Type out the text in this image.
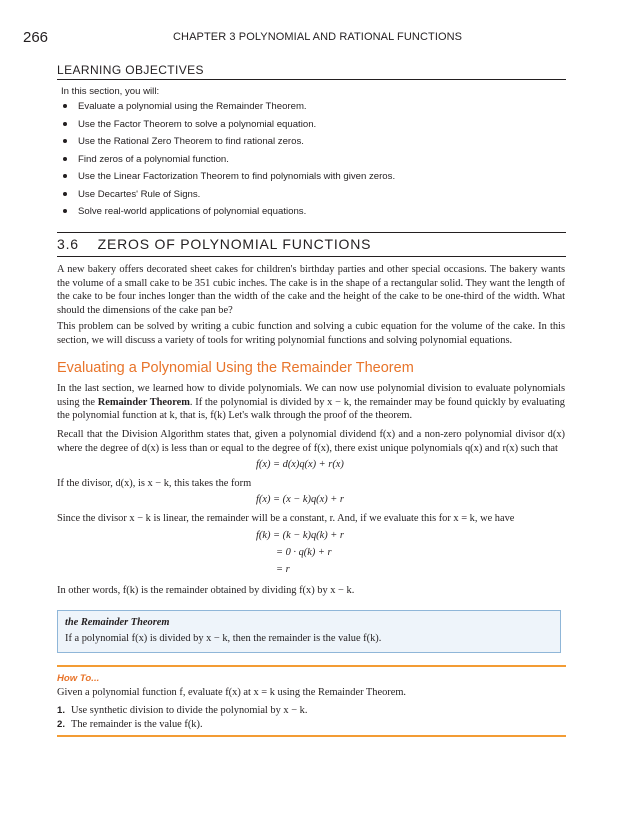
266	CHAPTER 3 POLYNOMIAL AND RATIONAL FUNCTIONS
LEARNING OBJECTIVES
In this section, you will:
Evaluate a polynomial using the Remainder Theorem.
Use the Factor Theorem to solve a polynomial equation.
Use the Rational Zero Theorem to find rational zeros.
Find zeros of a polynomial function.
Use the Linear Factorization Theorem to find polynomials with given zeros.
Use Decartes' Rule of Signs.
Solve real-world applications of polynomial equations.
3.6    ZEROS OF POLYNOMIAL FUNCTIONS

A new bakery offers decorated sheet cakes for children's birthday parties and other special occasions. The bakery wants the volume of a small cake to be 351 cubic inches. The cake is in the shape of a rectangular solid. They want the length of the cake to be four inches longer than the width of the cake and the height of the cake to be one-third of the width. What should the dimensions of the cake pan be?

This problem can be solved by writing a cubic function and solving a cubic equation for the volume of the cake. In this section, we will discuss a variety of tools for writing polynomial functions and solving polynomial equations.

Evaluating a Polynomial Using the Remainder Theorem

In the last section, we learned how to divide polynomials. We can now use polynomial division to evaluate polynomials using the Remainder Theorem. If the polynomial is divided by x − k, the remainder may be found quickly by evaluating the polynomial function at k, that is, f(k) Let's walk through the proof of the theorem.

Recall that the Division Algorithm states that, given a polynomial dividend f(x) and a non-zero polynomial divisor d(x) where the degree of d(x) is less than or equal to the degree of f(x), there exist unique polynomials q(x) and r(x) such that

f(x) = d(x)q(x) + r(x)

If the divisor, d(x), is x − k, this takes the form

f(x) = (x − k)q(x) + r

Since the divisor x − k is linear, the remainder will be a constant, r. And, if we evaluate this for x = k, we have

f(k) = (k − k)q(k) + r
= 0 · q(k) + r
= r

In other words, f(k) is the remainder obtained by dividing f(x) by x − k.

the Remainder Theorem
If a polynomial f(x) is divided by x − k, then the remainder is the value f(k).
How To...
Given a polynomial function f, evaluate f(x) at x = k using the Remainder Theorem.
1. Use synthetic division to divide the polynomial by x − k.
2. The remainder is the value f(k).
